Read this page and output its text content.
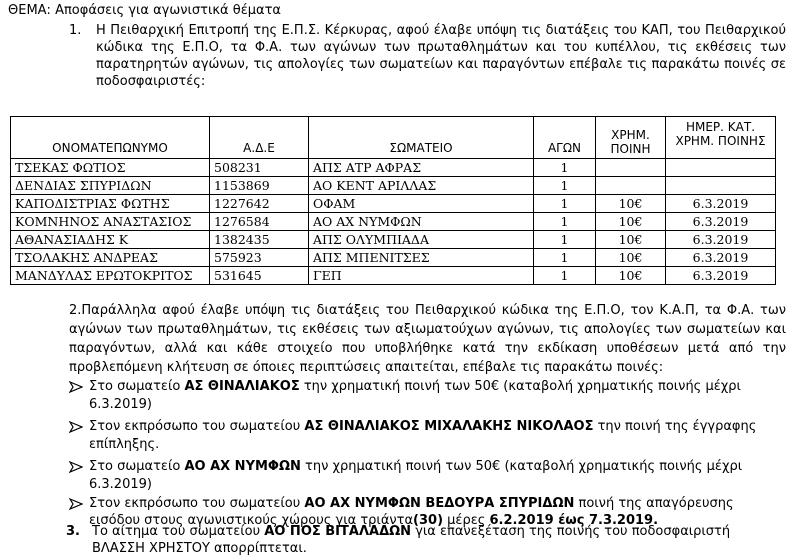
ΘΕΜΑ: Αποφάσεις για αγωνιστικά θέματα
1. Η Πειθαρχική Επιτροπή της Ε.Π.Σ. Κέρκυρας, αφού έλαβε υπόψη τις διατάξεις του ΚΑΠ, του Πειθαρχικού
κώδικα της Ε.Π.Ο, τα Φ.Α. των αγώνων των πρωταθλημάτων και του κυπέλλου, τις εκθέσεις των
παρατηρητών αγώνων, τις απολογίες των σωματείων και παραγόντων επέβαλε τις παρακάτω ποινές σε
ποδοσφαιριστές:
ΟΝΟΜΑΤΕΠΩΝΥΜΟ	Α.Δ.Ε	ΣΩΜΑΤΕΙΟ	ΑΓΩΝ	ΧΡΗΜ. ΠΟΙΝΗ	ΗΜΕΡ. ΚΑΤ. ΧΡΗΜ. ΠΟΙΝΗΣ

ΤΣΕΚΑΣ ΦΩΤΙΟΣ	508231	ΑΠΣ ΑΤΡ ΑΦΡΑΣ	1		
ΔΕΝΔΙΑΣ ΣΠΥΡΙΔΩΝ	1153869	ΑΟ ΚΕΝΤ ΑΡΙΛΛΑΣ	1		
ΚΑΠΟΔΙΣΤΡΙΑΣ ΦΩΤΗΣ	1227642	ΟΦΑΜ	1	10€	6.3.2019
ΚΟΜΝΗΝΟΣ ΑΝΑΣΤΑΣΙΟΣ	1276584	ΑΟ ΑΧ ΝΥΜΦΩΝ	1	10€	6.3.2019
ΑΘΑΝΑΣΙΑΔΗΣ Κ	1382435	ΑΠΣ ΟΛΥΜΠΙΑΔΑ	1	10€	6.3.2019
ΤΣΟΛΑΚΗΣ ΑΝΔΡΕΑΣ	575923	ΑΠΣ ΜΠΕΝΙΤΣΕΣ	1	10€	6.3.2019
ΜΑΝΔΥΛΑΣ ΕΡΩΤΟΚΡΙΤΟΣ	531645	ΓΕΠ	1	10€	6.3.2019
2.Παράλληλα αφού έλαβε υπόψη τις διατάξεις του Πειθαρχικού κώδικα της Ε.Π.Ο, τον Κ.Α.Π, τα Φ.Α. των
αγώνων των πρωταθλημάτων, τις εκθέσεις των αξιωματούχων αγώνων, τις απολογίες των σωματείων και
παραγόντων, αλλά και κάθε στοιχείο που υποβλήθηκε κατά την εκδίκαση υποθέσεων μετά από την
προβλεπόμενη κλήτευση σε όποιες περιπτώσεις απαιτείται, επέβαλε τις παρακάτω ποινές:
Στο σωματείο ΑΣ ΘΙΝΑΛΙΑΚΟΣ την χρηματική ποινή των 50€ (καταβολή χρηματικής ποινής μέχρι
6.3.2019)
Στον εκπρόσωπο του σωματείου ΑΣ ΘΙΝΑΛΙΑΚΟΣ ΜΙΧΑΛΑΚΗΣ ΝΙΚΟΛΑΟΣ την ποινή της έγγραφης
επίπληξης.
Στο σωματείο ΑΟ ΑΧ ΝΥΜΦΩΝ την χρηματική ποινή των 50€ (καταβολή χρηματικής ποινής μέχρι
6.3.2019)
Στον εκπρόσωπο του σωματείου ΑΟ ΑΧ ΝΥΜΦΩΝ ΒΕΔΟΥΡΑ ΣΠΥΡΙΔΩΝ ποινή της απαγόρευσης
εισόδου στους αγωνιστικούς χώρους για τριάντα(30) μέρες 6.2.2019 έως 7.3.2019.
3. Το αίτημα του σωματείου ΑΟ ΠΟΣ ΒΙΤΑΛΑΔΩΝ για επανεξέταση της ποινής του ποδοσφαιριστή
ΒΛΑΣΣΗ ΧΡΗΣΤΟΥ απορρίπτεται.
